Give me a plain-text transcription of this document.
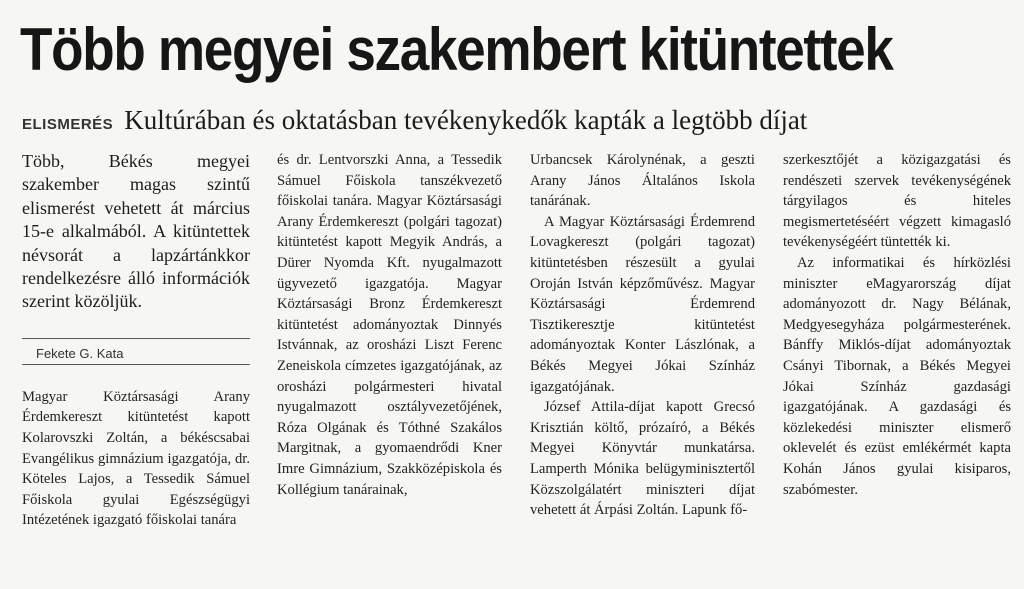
Több megyei szakembert kitüntettek
ELISMERÉS Kultúrában és oktatásban tevékenykedők kapták a legtöbb díjat

Több, Békés megyei szakember magas szintű elismerést vehetett át március 15-e alkalmából. A kitüntettek névsorát a lapzártánkkor rendelkezésre álló információk szerint közöljük.

Fekete G. Kata

Magyar Köztársasági Arany Érdemkereszt kitüntetést kapott Kolarovszki Zoltán, a békéscsabai Evangélikus gimnázium igazgatója, dr. Köteles Lajos, a Tessedik Sámuel Főiskola gyulai Egészségügyi Intézetének igazgató főiskolai tanára

és dr. Lentvorszki Anna, a Tessedik Sámuel Főiskola tanszékvezető főiskolai tanára. Magyar Köztársasági Arany Érdemkereszt (polgári tagozat) kitüntetést kapott Megyik András, a Dürer Nyomda Kft. nyugalmazott ügyvezető igazgatója. Magyar Köztársasági Bronz Érdemkereszt kitüntetést adományoztak Dinnyés Istvánnak, az orosházi Liszt Ferenc Zeneiskola címzetes igazgatójának, az orosházi polgármesteri hivatal nyugalmazott osztályvezetőjének, Róza Olgának és Tóthné Szakálos Margitnak, a gyomaendrődi Kner Imre Gimnázium, Szakközépiskola és Kollégium tanárainak,

Urbancsek Károlynénak, a geszti Arany János Általános Iskola tanárának.

A Magyar Köztársasági Érdemrend Lovagkereszt (polgári tagozat) kitüntetésben részesült a gyulai Oroján István képzőművész. Magyar Köztársasági Érdemrend Tisztikeresztje kitüntetést adományoztak Konter Lászlónak, a Békés Megyei Jókai Színház igazgatójának.

József Attila-díjat kapott Grecsó Krisztián költő, prózaíró, a Békés Megyei Könyvtár munkatársa. Lamperth Mónika belügyminisztertől Közszolgálatért miniszteri díjat vehetett át Árpási Zoltán. Lapunk fő-

szerkesztőjét a közigazgatási és rendészeti szervek tevékenységének tárgyilagos és hiteles megismertetéséért végzett kimagasló tevékenységéért tüntették ki.

Az informatikai és hírközlési miniszter eMagyarország díjat adományozott dr. Nagy Bélának, Medgyesegyháza polgármesterének. Bánffy Miklós-díjat adományoztak Csányi Tibornak, a Békés Megyei Jókai Színház gazdasági igazgatójának. A gazdasági és közlekedési miniszter elismerő oklevelét és ezüst emlékérmét kapta Kohán János gyulai kisiparos, szabómester.
